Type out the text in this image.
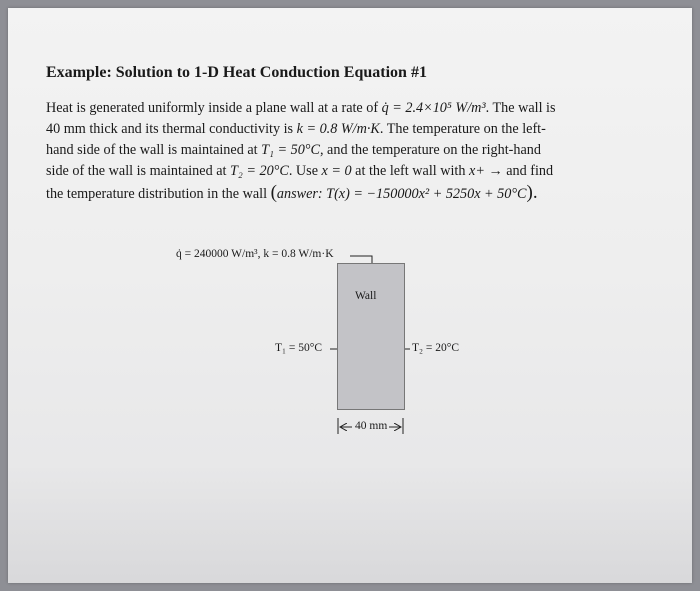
Example: Solution to 1-D Heat Conduction Equation #1

Heat is generated uniformly inside a plane wall at a rate of q̇ = 2.4×10⁵ W/m³. The wall is

40 mm thick and its thermal conductivity is k = 0.8 W/m·K. The temperature on the left-

hand side of the wall is maintained at T₁ = 50°C, and the temperature on the right-hand

side of the wall is maintained at T₂ = 20°C. Use x = 0 at the left wall with x+ → and find

the temperature distribution in the wall (answer: T(x) = −150000x² + 5250x + 50°C).

Wall
q̇ = 240000 W/m³, k = 0.8 W/m·K
T₁ = 50°C	T₂ = 20°C
40 mm
